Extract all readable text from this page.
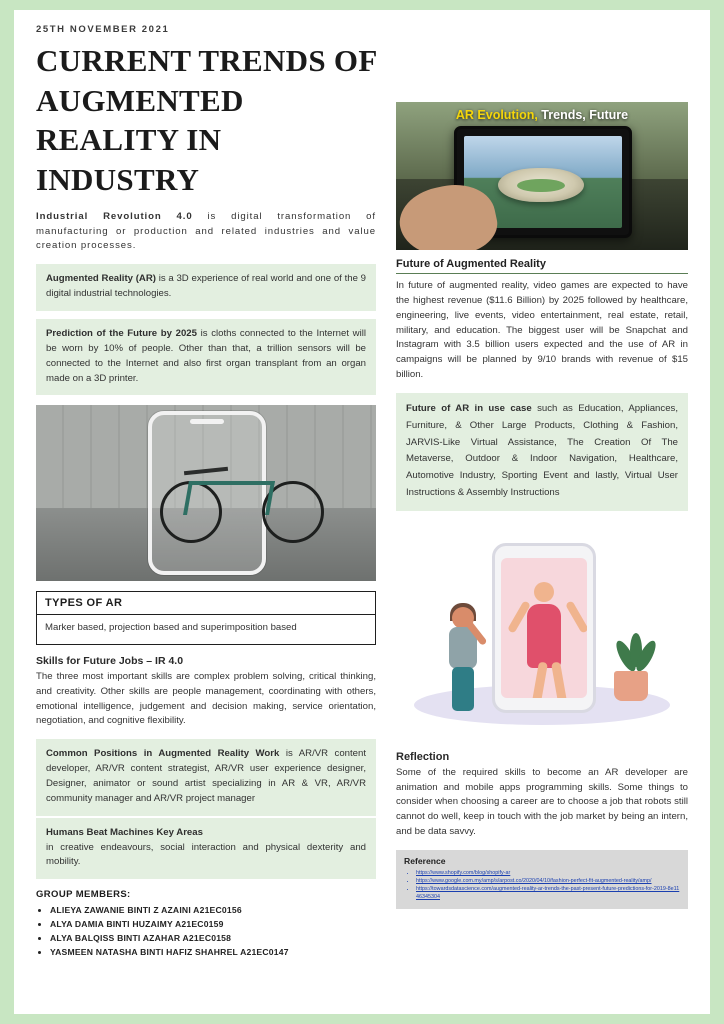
25TH NOVEMBER 2021
CURRENT TRENDS OF AUGMENTED REALITY IN INDUSTRY
Industrial Revolution 4.0 is digital transformation of manufacturing or production and related industries and value creation processes.
Augmented Reality (AR) is a 3D experience of real world and one of the 9 digital industrial technologies.
Prediction of the Future by 2025 is cloths connected to the Internet will be worn by 10% of people. Other than that, a trillion sensors will be connected to the Internet and also first organ transplant from an organ made on a 3D printer.
TYPES OF AR
Marker based, projection based and superimposition based
Skills for Future Jobs – IR 4.0
The three most important skills are complex problem solving, critical thinking, and creativity. Other skills are people management, coordinating with others, emotional intelligence, judgement and decision making, service orientation, negotiation, and cognitive flexibility.
Common Positions in Augmented Reality Work is AR/VR content developer, AR/VR content strategist, AR/VR user experience designer, Designer, animator or sound artist specializing in AR & VR, AR/VR community manager and AR/VR project manager
Humans Beat Machines Key Areas
in creative endeavours, social interaction and physical dexterity and mobility.
GROUP MEMBERS:
• ALIEYA ZAWANIE BINTI Z AZAINI A21EC0156
• ALYA DAMIA BINTI HUZAIMY A21EC0159
• ALYA BALQISS BINTI AZAHAR A21EC0158
• YASMEEN NATASHA BINTI HAFIZ SHAHREL A21EC0147
AR Evolution, Trends, Future
Future of Augmented Reality
In future of augmented reality, video games are expected to have the highest revenue ($11.6 Billion) by 2025 followed by healthcare, engineering, live events, video entertainment, real estate, retail, military, and education. The biggest user will be Snapchat and Instagram with 3.5 billion users expected and the use of AR in campaigns will be planned by 9/10 brands with revenue of $15 billion.
Future of AR in use case such as Education, Appliances, Furniture, & Other Large Products, Clothing & Fashion, JARVIS-Like Virtual Assistance, The Creation Of The Metaverse, Outdoor & Indoor Navigation, Healthcare, Automotive Industry, Sporting Event and lastly, Virtual User Instructions & Assembly Instructions
Reflection
Some of the required skills to become an AR developer are animation and mobile apps programming skills. Some things to consider when choosing a career are to choose a job that robots still cannot do well, keep in touch with the job market by being an intern, and be data savvy.
Reference
• https://www.shopify.com/blog/shopify-ar
• https://www.google.com.my/amp/s/arpost.co/2020/04/10/fashion-perfect-fit-augmented-reality/amp/
• https://towardsdatascience.com/augmented-reality-ar-trends-the-past-present-future-predictions-for-2019-8e1146345304
